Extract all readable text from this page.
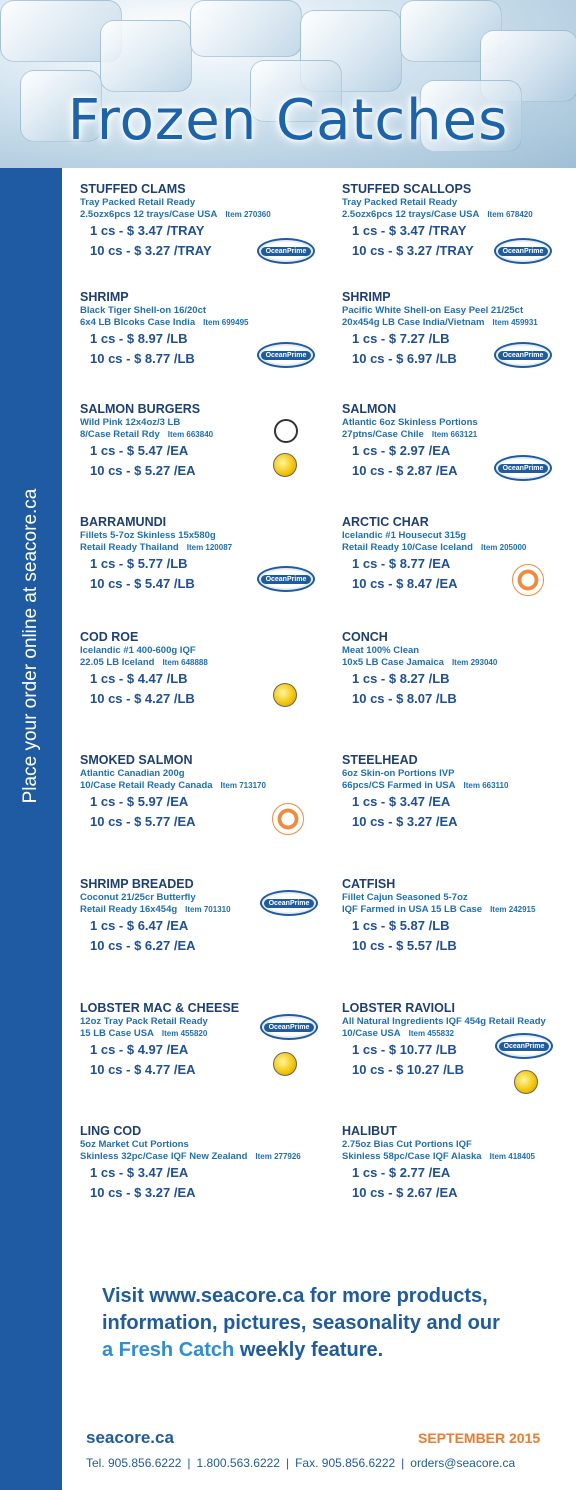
Frozen Catches
Place your order online at seacore.ca
STUFFED CLAMS
Tray Packed Retail Ready
2.5ozx6pcs 12 trays/Case USA Item 270360
1 cs - $ 3.47 /TRAY
10 cs - $ 3.27 /TRAY
STUFFED SCALLOPS
Tray Packed Retail Ready
2.5ozx6pcs 12 trays/Case USA Item 678420
1 cs - $ 3.47 /TRAY
10 cs - $ 3.27 /TRAY
SHRIMP
Black Tiger Shell-on 16/20ct
6x4 LB Blcoks Case India Item 699495
1 cs - $ 8.97 /LB
10 cs - $ 8.77 /LB
SHRIMP
Pacific White Shell-on Easy Peel 21/25ct
20x454g LB Case India/Vietnam Item 459931
1 cs - $ 7.27 /LB
10 cs - $ 6.97 /LB
SALMON BURGERS
Wild Pink 12x4oz/3 LB
8/Case Retail Rdy Item 663840
1 cs - $ 5.47 /EA
10 cs - $ 5.27 /EA
SALMON
Atlantic 6oz Skinless Portions
27ptns/Case Chile Item 663121
1 cs - $ 2.97 /EA
10 cs - $ 2.87 /EA
BARRAMUNDI
Fillets 5-7oz Skinless 15x580g
Retail Ready Thailand Item 120087
1 cs - $ 5.77 /LB
10 cs - $ 5.47 /LB
ARCTIC CHAR
Icelandic #1 Housecut 315g
Retail Ready 10/Case Iceland Item 205000
1 cs - $ 8.77 /EA
10 cs - $ 8.47 /EA
COD ROE
Icelandic #1 400-600g IQF
22.05 LB Iceland Item 648888
1 cs - $ 4.47 /LB
10 cs - $ 4.27 /LB
CONCH
Meat 100% Clean
10x5 LB Case Jamaica Item 293040
1 cs - $ 8.27 /LB
10 cs - $ 8.07 /LB
SMOKED SALMON
Atlantic Canadian 200g
10/Case Retail Ready Canada Item 713170
1 cs - $ 5.97 /EA
10 cs - $ 5.77 /EA
STEELHEAD
6oz Skin-on Portions IVP
66pcs/CS Farmed in USA Item 663110
1 cs - $ 3.47 /EA
10 cs - $ 3.27 /EA
SHRIMP BREADED
Coconut 21/25cr Butterfly
Retail Ready 16x454g Item 701310
1 cs - $ 6.47 /EA
10 cs - $ 6.27 /EA
CATFISH
Fillet Cajun Seasoned 5-7oz
IQF Farmed in USA 15 LB Case Item 242915
1 cs - $ 5.87 /LB
10 cs - $ 5.57 /LB
LOBSTER MAC & CHEESE
12oz Tray Pack Retail Ready
15 LB Case USA Item 455820
1 cs - $ 4.97 /EA
10 cs - $ 4.77 /EA
LOBSTER RAVIOLI
All Natural Ingredients IQF 454g Retail Ready
10/Case USA Item 455832
1 cs - $ 10.77 /LB
10 cs - $ 10.27 /LB
LING COD
5oz Market Cut Portions
Skinless 32pc/Case IQF New Zealand Item 277926
1 cs - $ 3.47 /EA
10 cs - $ 3.27 /EA
HALIBUT
2.75oz Bias Cut Portions IQF
Skinless 58pc/Case IQF Alaska Item 418405
1 cs - $ 2.77 /EA
10 cs - $ 2.67 /EA
OceanPrime	OceanPrime
OceanPrime	OceanPrime
OceanPrime
OceanPrime
OceanPrime
OceanPrime
OceanPrime
Visit www.seacore.ca for more products,
information, pictures, seasonality and our
a Fresh Catch weekly feature.
seacore.ca	SEPTEMBER 2015
Tel. 905.856.6222 | 1.800.563.6222 | Fax. 905.856.6222 | orders@seacore.ca
